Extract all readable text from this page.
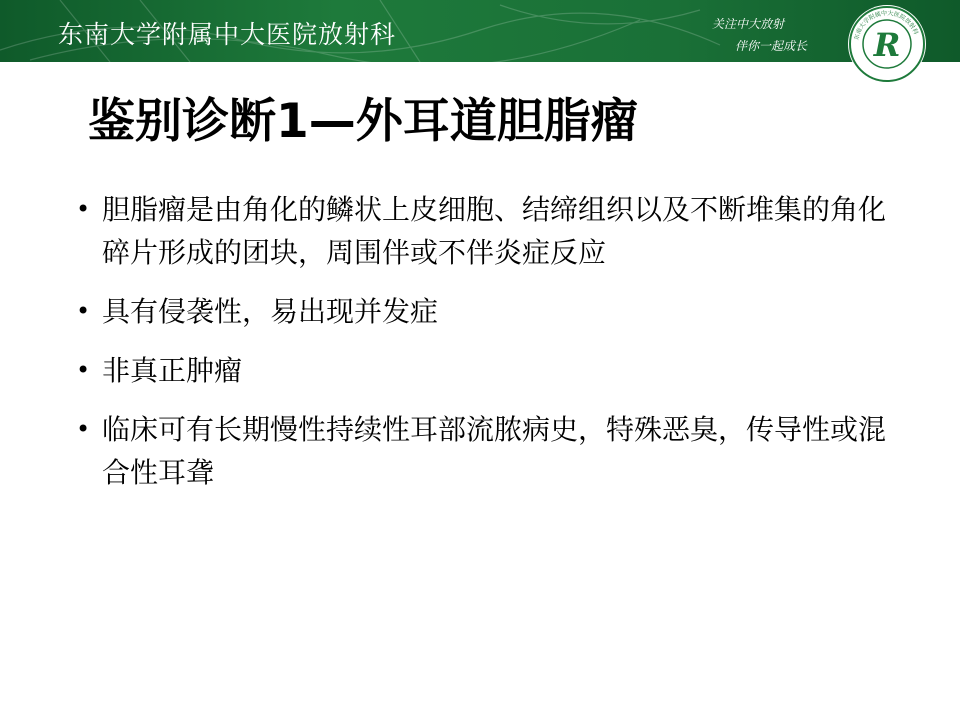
东南大学附属中大医院放射科	关注中大放射
伴你一起成长
东南大学附属中大医院放射科
R
鉴别诊断1—外耳道胆脂瘤
• 胆脂瘤是由角化的鳞状上皮细胞、结缔组织以及不断堆集的角化碎片形成的团块，周围伴或不伴炎症反应
• 具有侵袭性，易出现并发症
• 非真正肿瘤
• 临床可有长期慢性持续性耳部流脓病史，特殊恶臭，传导性或混合性耳聋
